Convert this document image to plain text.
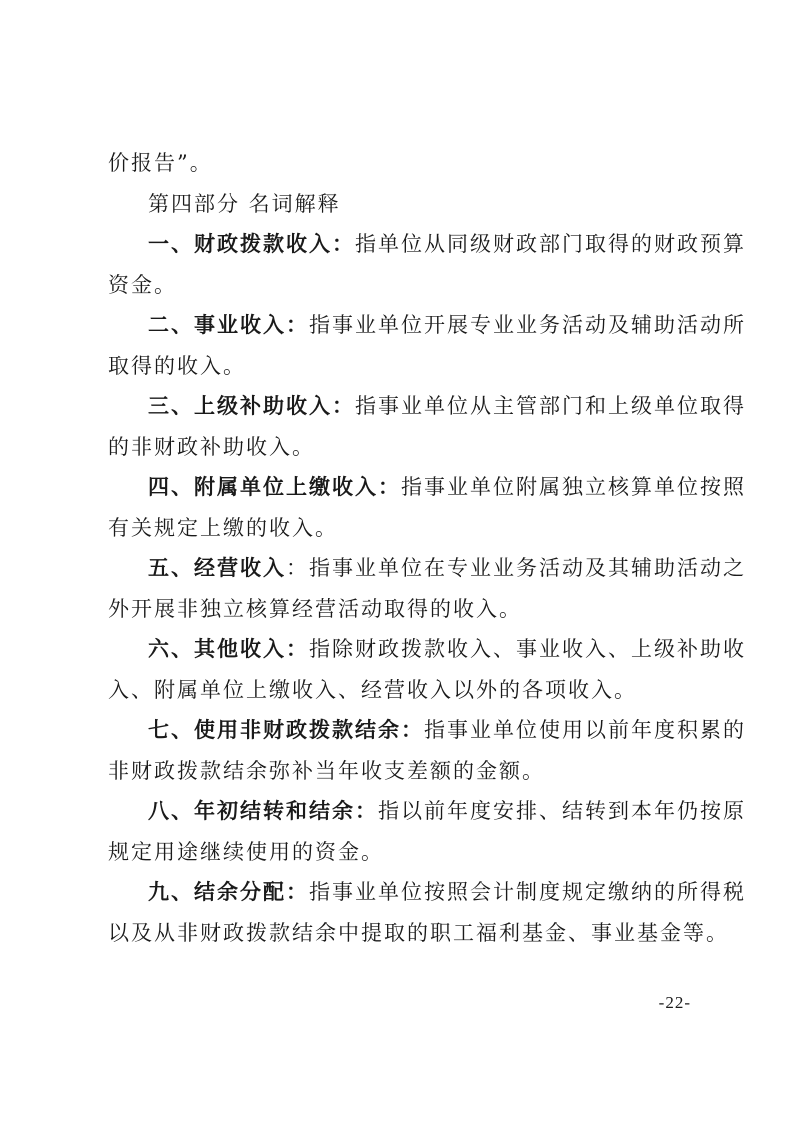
价报告”。
第四部分 名词解释
一、财政拨款收入：指单位从同级财政部门取得的财政预算
资金。
二、事业收入：指事业单位开展专业业务活动及辅助活动所
取得的收入。
三、上级补助收入：指事业单位从主管部门和上级单位取得
的非财政补助收入。
四、附属单位上缴收入：指事业单位附属独立核算单位按照
有关规定上缴的收入。
五、经营收入：指事业单位在专业业务活动及其辅助活动之
外开展非独立核算经营活动取得的收入。
六、其他收入：指除财政拨款收入、事业收入、上级补助收
入、附属单位上缴收入、经营收入以外的各项收入。
七、使用非财政拨款结余：指事业单位使用以前年度积累的
非财政拨款结余弥补当年收支差额的金额。
八、年初结转和结余：指以前年度安排、结转到本年仍按原
规定用途继续使用的资金。
九、结余分配：指事业单位按照会计制度规定缴纳的所得税
以及从非财政拨款结余中提取的职工福利基金、事业基金等。
-22-
